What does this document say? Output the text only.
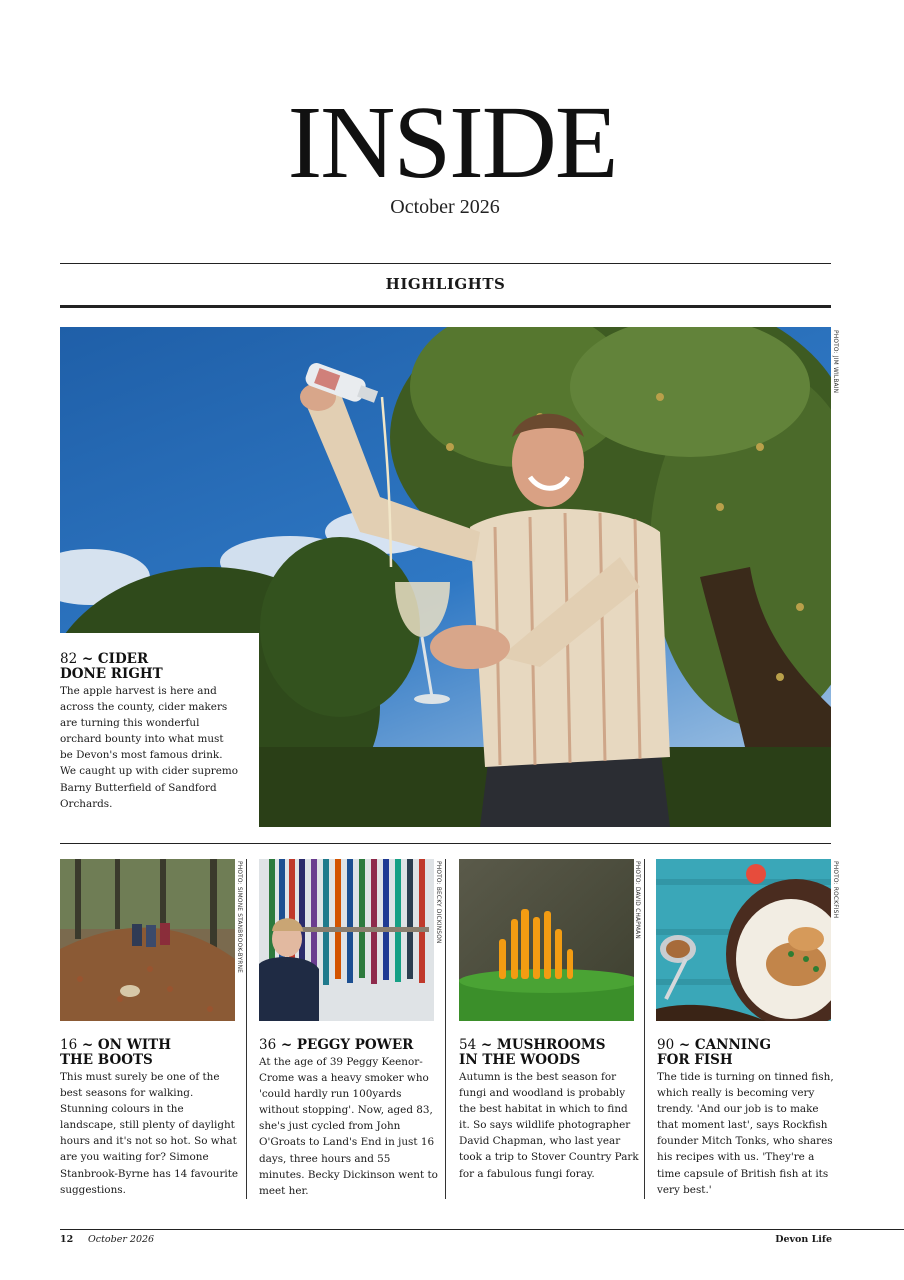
INSIDE
October 2026
HIGHLIGHTS
PHOTO: JIM WILBAIN

82 ~ CIDER
DONE RIGHT

The apple harvest is here and across the county, cider makers are turning this wonderful orchard bounty into what must be Devon's most famous drink. We caught up with cider supremo Barny Butterfield of Sandford Orchards.

PHOTO: SIMONE STANBROOK-BYRNE	PHOTO: BECKY DICKINSON	PHOTO: DAVID CHAPMAN	PHOTO: ROCKFISH

16 ~ ON WITH
THE BOOTS

This must surely be one of the best seasons for walking. Stunning colours in the landscape, still plenty of daylight hours and it's not so hot. So what are you waiting for? Simone Stanbrook-Byrne has 14 favourite suggestions.

36 ~ PEGGY POWER

At the age of 39 Peggy Keenor-Crome was a heavy smoker who 'could hardly run 100yards without stopping'. Now, aged 83, she's just cycled from John O'Groats to Land's End in just 16 days, three hours and 55 minutes. Becky Dickinson went to meet her.

54 ~ MUSHROOMS
IN THE WOODS

Autumn is the best season for fungi and woodland is probably the best habitat in which to find it. So says wildlife photographer David Chapman, who last year took a trip to Stover Country Park for a fabulous fungi foray.

90 ~ CANNING
FOR FISH

The tide is turning on tinned fish, which really is becoming very trendy. 'And our job is to make that moment last', says Rockfish founder Mitch Tonks, who shares his recipes with us. 'They're a time capsule of British fish at its very best.'

12 October 2026	Devon Life
